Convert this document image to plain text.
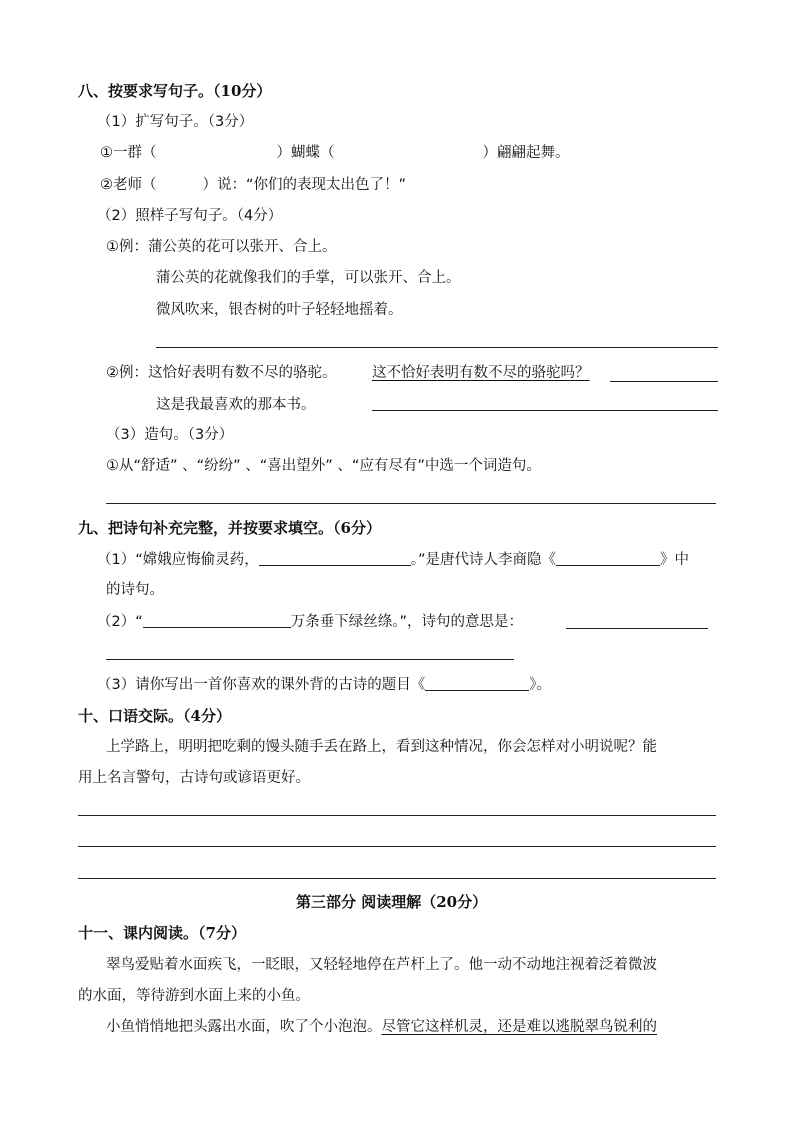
八、按要求写句子。（10分）
（1）扩写句子。（3分）
①一群（	）蝴蝶（	）翩翩起舞。
②老师（	）说：“你们的表现太出色了！”
（2）照样子写句子。（4分）
①例：蒲公英的花可以张开、合上。
蒲公英的花就像我们的手掌，可以张开、合上。
微风吹来，银杏树的叶子轻轻地摇着。
②例：这恰好表明有数不尽的骆驼。 这不恰好表明有数不尽的骆驼吗？
这是我最喜欢的那本书。
（3）造句。（3分）
①从“舒适” 、“纷纷” 、“喜出望外” 、“应有尽有”中选一个词造句。
九、把诗句补充完整，并按要求填空。（6分）
（1）“嫦娥应悔偷灵药，	。”是唐代诗人李商隐《	》中
的诗句。
（2）“	万条垂下绿丝绦。”，诗句的意思是：
（3）请你写出一首你喜欢的课外背的古诗的题目《	》。
十、口语交际。（4分）
上学路上，明明把吃剩的馒头随手丢在路上，看到这种情况，你会怎样对小明说呢？能
用上名言警句，古诗句或谚语更好。
第三部分 阅读理解（20分）
十一、课内阅读。（7分）
翠鸟爱贴着水面疾飞，一眨眼，又轻轻地停在芦杆上了。他一动不动地注视着泛着微波
的水面，等待游到水面上来的小鱼。
小鱼悄悄地把头露出水面，吹了个小泡泡。尽管它这样机灵，还是难以逃脱翠鸟锐利的
